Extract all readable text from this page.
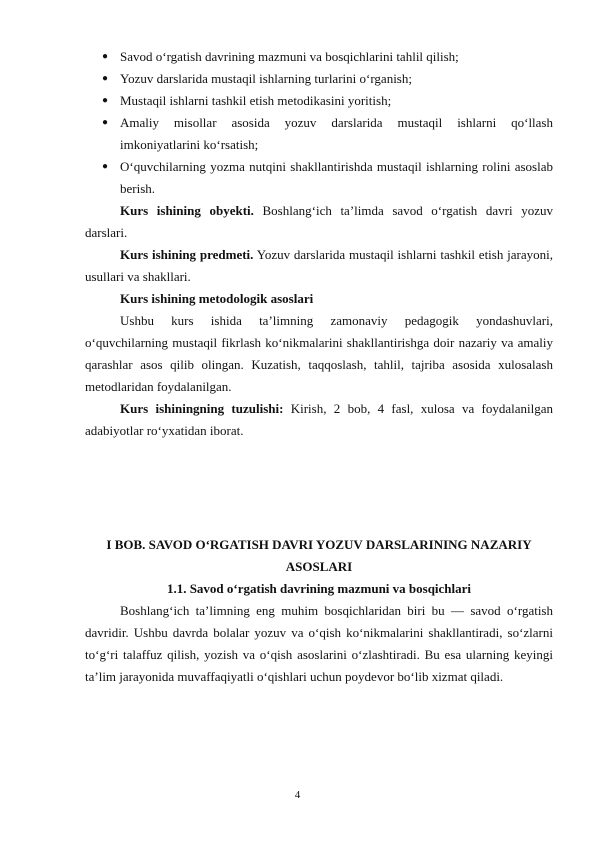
● Savod o‘rgatish davrining mazmuni va bosqichlarini tahlil qilish;
● Yozuv darslarida mustaqil ishlarning turlarini o‘rganish;
● Mustaqil ishlarni tashkil etish metodikasini yoritish;
● Amaliy misollar asosida yozuv darslarida mustaqil ishlarni qo‘llash imkoniyatlarini ko‘rsatish;
● O‘quvchilarning yozma nutqini shakllantirishda mustaqil ishlarning rolini asoslab berish.

Kurs ishining obyekti. Boshlang‘ich ta’limda savod o‘rgatish davri yozuv darslari.

Kurs ishining predmeti. Yozuv darslarida mustaqil ishlarni tashkil etish jarayoni, usullari va shakllari.

Kurs ishining metodologik asoslari

Ushbu kurs ishida ta’limning zamonaviy pedagogik yondashuvlari, o‘quvchilarning mustaqil fikrlash ko‘nikmalarini shakllantirishga doir nazariy va amaliy qarashlar asos qilib olingan. Kuzatish, taqqoslash, tahlil, tajriba asosida xulosalash metodlaridan foydalanilgan.

Kurs ishiningning tuzulishi: Kirish, 2 bob, 4 fasl, xulosa va foydalanilgan adabiyotlar ro‘yxatidan iborat.

I BOB. SAVOD O‘RGATISH DAVRI YOZUV DARSLARINING NAZARIY ASOSLARI
1.1. Savod o‘rgatish davrining mazmuni va bosqichlari

Boshlang‘ich ta’limning eng muhim bosqichlaridan biri bu — savod o‘rgatish davridir. Ushbu davrda bolalar yozuv va o‘qish ko‘nikmalarini shakllantiradi, so‘zlarni to‘g‘ri talaffuz qilish, yozish va o‘qish asoslarini o‘zlashtiradi. Bu esa ularning keyingi ta’lim jarayonida muvaffaqiyatli o‘qishlari uchun poydevor bo‘lib xizmat qiladi.

4
